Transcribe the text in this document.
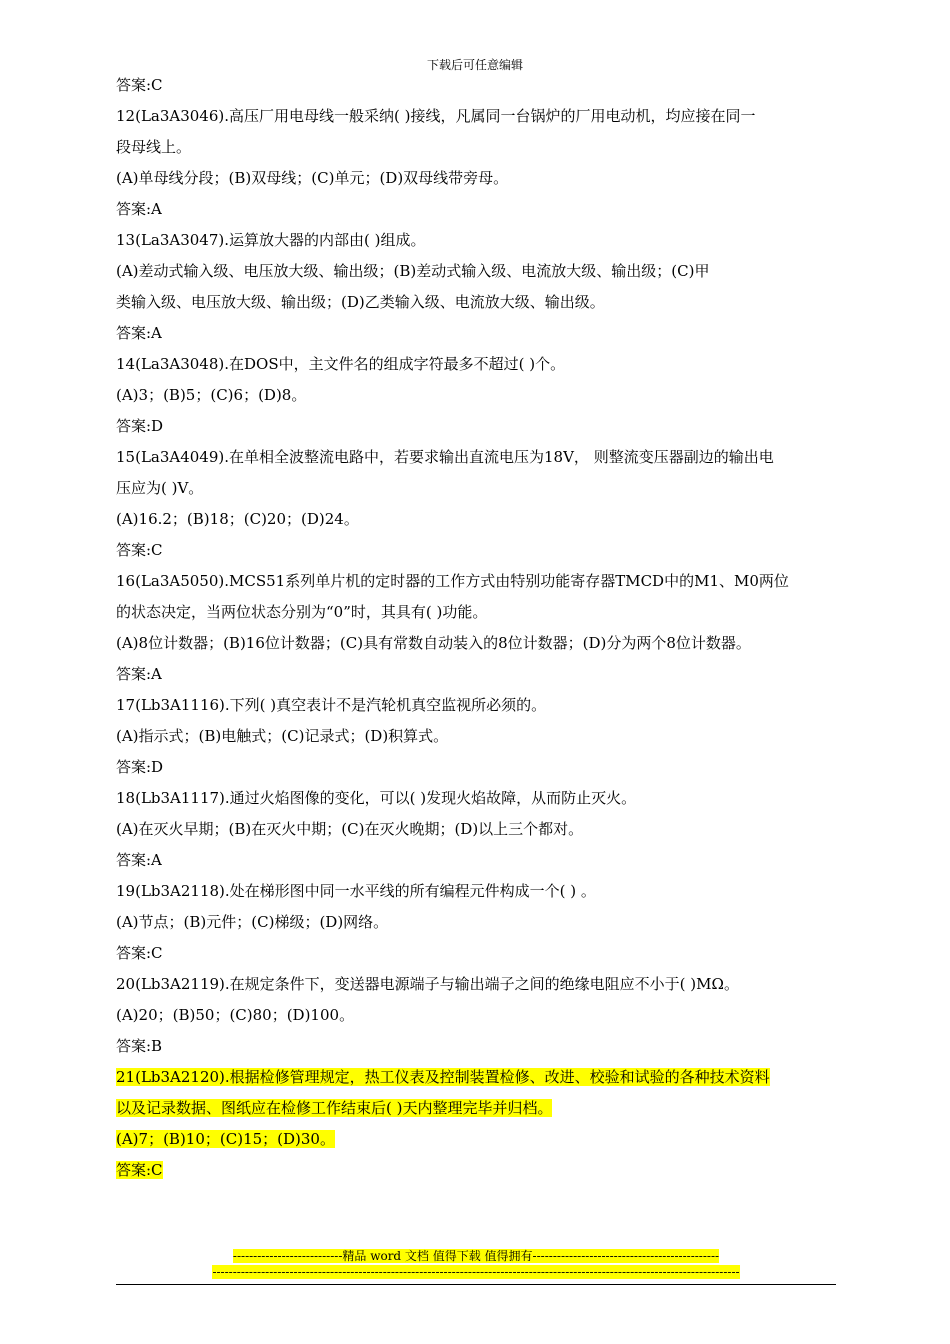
下载后可任意编辑
答案:C
12(La3A3046).高压厂用电母线一般采纳( )接线，凡属同一台锅炉的厂用电动机，均应接在同一
段母线上。
(A)单母线分段；(B)双母线；(C)单元；(D)双母线带旁母。
答案:A
13(La3A3047).运算放大器的内部由( )组成。
(A)差动式输入级、电压放大级、输出级；(B)差动式输入级、电流放大级、输出级；(C)甲
类输入级、电压放大级、输出级；(D)乙类输入级、电流放大级、输出级。
答案:A
14(La3A3048).在DOS中，主文件名的组成字符最多不超过( )个。
(A)3；(B)5；(C)6；(D)8。
答案:D
15(La3A4049).在单相全波整流电路中，若要求输出直流电压为18V， 则整流变压器副边的输出电
压应为( )V。
(A)16.2；(B)18；(C)20；(D)24。
答案:C
16(La3A5050).MCS51系列单片机的定时器的工作方式由特别功能寄存器TMCD中的M1、M0两位
的状态决定，当两位状态分别为“0”时，其具有( )功能。
(A)8位计数器；(B)16位计数器；(C)具有常数自动装入的8位计数器；(D)分为两个8位计数器。
答案:A
17(Lb3A1116).下列( )真空表计不是汽轮机真空监视所必须的。
(A)指示式；(B)电触式；(C)记录式；(D)积算式。
答案:D
18(Lb3A1117).通过火焰图像的变化，可以( )发现火焰故障，从而防止灭火。
(A)在灭火早期；(B)在灭火中期；(C)在灭火晚期；(D)以上三个都对。
答案:A
19(Lb3A2118).处在梯形图中同一水平线的所有编程元件构成一个( ) 。
(A)节点；(B)元件；(C)梯级；(D)网络。
答案:C
20(Lb3A2119).在规定条件下，变送器电源端子与输出端子之间的绝缘电阻应不小于( )MΩ。
(A)20；(B)50；(C)80；(D)100。
答案:B
21(Lb3A2120).根据检修管理规定，热工仪表及控制装置检修、改进、校验和试验的各种技术资料
以及记录数据、图纸应在检修工作结束后( )天内整理完毕并归档。
(A)7；(B)10；(C)15；(D)30。
答案:C
---------------------------精品 word 文档 值得下载 值得拥有----------------------------------------------
----------------------------------------------------------------------------------------------------------------------------------
